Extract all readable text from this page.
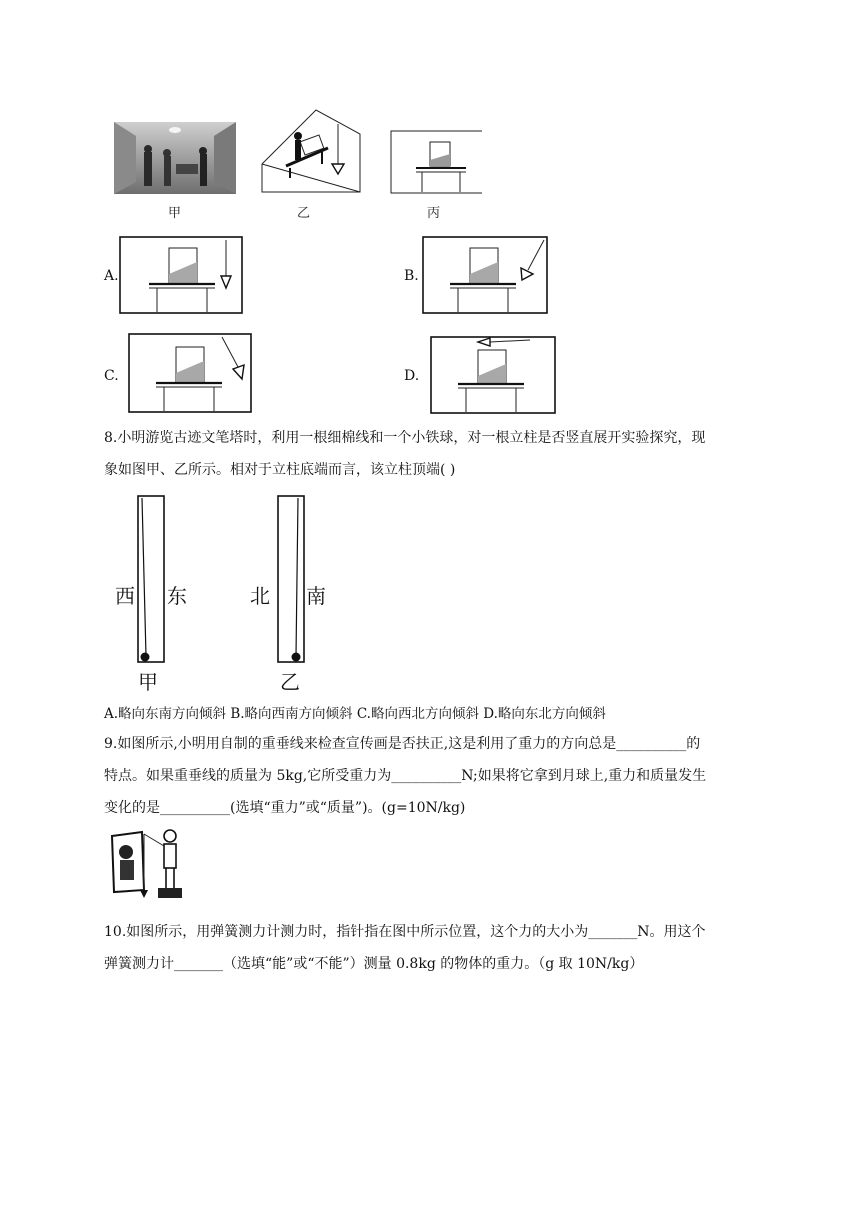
甲	乙	丙
A.	B.
C.	D.
8.小明游览古迹文笔塔时，利用一根细棉线和一个小铁球，对一根立柱是否竖直展开实验探究，现
象如图甲、乙所示。相对于立柱底端而言，该立柱顶端( )
西 东
甲
北 南
乙
A.略向东南方向倾斜 B.略向西南方向倾斜 C.略向西北方向倾斜 D.略向东北方向倾斜
9.如图所示,小明用自制的重垂线来检查宣传画是否扶正,这是利用了重力的方向总是__________的
特点。如果重垂线的质量为 5kg,它所受重力为__________N;如果将它拿到月球上,重力和质量发生
变化的是__________(选填“重力”或“质量”)。(g=10N/kg)
10.如图所示，用弹簧测力计测力时，指针指在图中所示位置，这个力的大小为_______N。用这个
弹簧测力计_______（选填“能”或“不能”）测量 0.8kg 的物体的重力。（g 取 10N/kg）
